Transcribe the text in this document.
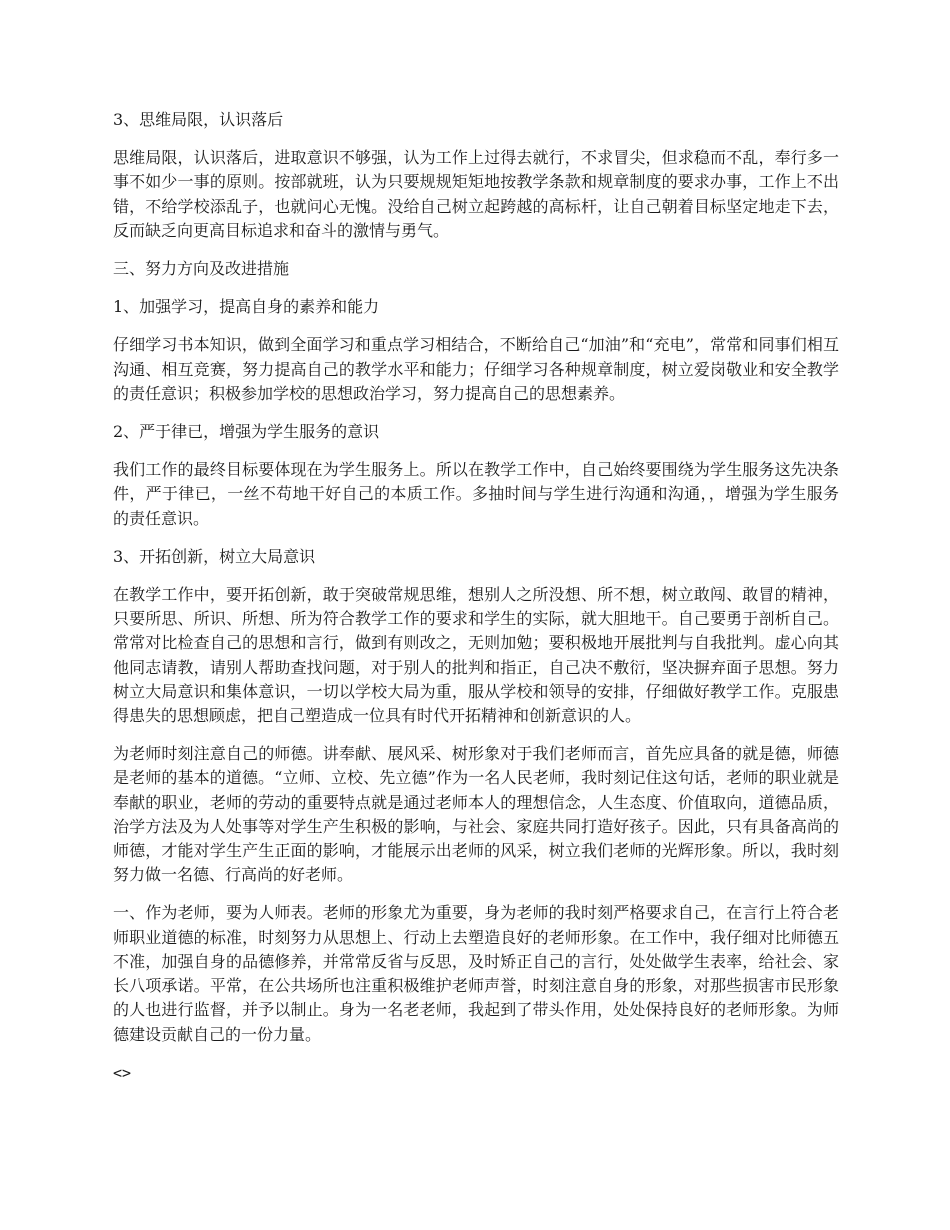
3、思维局限，认识落后

思维局限，认识落后，进取意识不够强，认为工作上过得去就行，不求冒尖，但求稳而不乱，奉行多一事不如少一事的原则。按部就班，认为只要规规矩矩地按教学条款和规章制度的要求办事，工作上不出错，不给学校添乱子，也就问心无愧。没给自己树立起跨越的高标杆，让自己朝着目标坚定地走下去，反而缺乏向更高目标追求和奋斗的激情与勇气。

三、努力方向及改进措施

1、加强学习，提高自身的素养和能力

仔细学习书本知识，做到全面学习和重点学习相结合，不断给自己“加油”和“充电”，常常和同事们相互沟通、相互竞赛，努力提高自己的教学水平和能力；仔细学习各种规章制度，树立爱岗敬业和安全教学的责任意识；积极参加学校的思想政治学习，努力提高自己的思想素养。

2、严于律已，增强为学生服务的意识

我们工作的最终目标要体现在为学生服务上。所以在教学工作中，自己始终要围绕为学生服务这先决条件，严于律已，一丝不苟地干好自己的本质工作。多抽时间与学生进行沟通和沟通，，增强为学生服务的责任意识。

3、开拓创新，树立大局意识

在教学工作中，要开拓创新，敢于突破常规思维，想别人之所没想、所不想，树立敢闯、敢冒的精神，只要所思、所识、所想、所为符合教学工作的要求和学生的实际，就大胆地干。自己要勇于剖析自己。常常对比检查自己的思想和言行，做到有则改之，无则加勉；要积极地开展批判与自我批判。虚心向其他同志请教，请别人帮助查找问题，对于别人的批判和指正，自己决不敷衍，坚决摒弃面子思想。努力树立大局意识和集体意识，一切以学校大局为重，服从学校和领导的安排，仔细做好教学工作。克服患得患失的思想顾虑，把自己塑造成一位具有时代开拓精神和创新意识的人。

为老师时刻注意自己的师德。讲奉献、展风采、树形象对于我们老师而言，首先应具备的就是德，师德是老师的基本的道德。“立师、立校、先立德”作为一名人民老师，我时刻记住这句话，老师的职业就是奉献的职业，老师的劳动的重要特点就是通过老师本人的理想信念，人生态度、价值取向，道德品质，治学方法及为人处事等对学生产生积极的影响，与社会、家庭共同打造好孩子。因此，只有具备高尚的师德，才能对学生产生正面的影响，才能展示出老师的风采，树立我们老师的光辉形象。所以，我时刻努力做一名德、行高尚的好老师。

一、作为老师，要为人师表。老师的形象尤为重要，身为老师的我时刻严格要求自己，在言行上符合老师职业道德的标准，时刻努力从思想上、行动上去塑造良好的老师形象。在工作中，我仔细对比师德五不准，加强自身的品德修养，并常常反省与反思，及时矫正自己的言行，处处做学生表率，给社会、家长八项承诺。平常，在公共场所也注重积极维护老师声誉，时刻注意自身的形象，对那些损害市民形象的人也进行监督，并予以制止。身为一名老老师，我起到了带头作用，处处保持良好的老师形象。为师德建设贡献自己的一份力量。

<>
